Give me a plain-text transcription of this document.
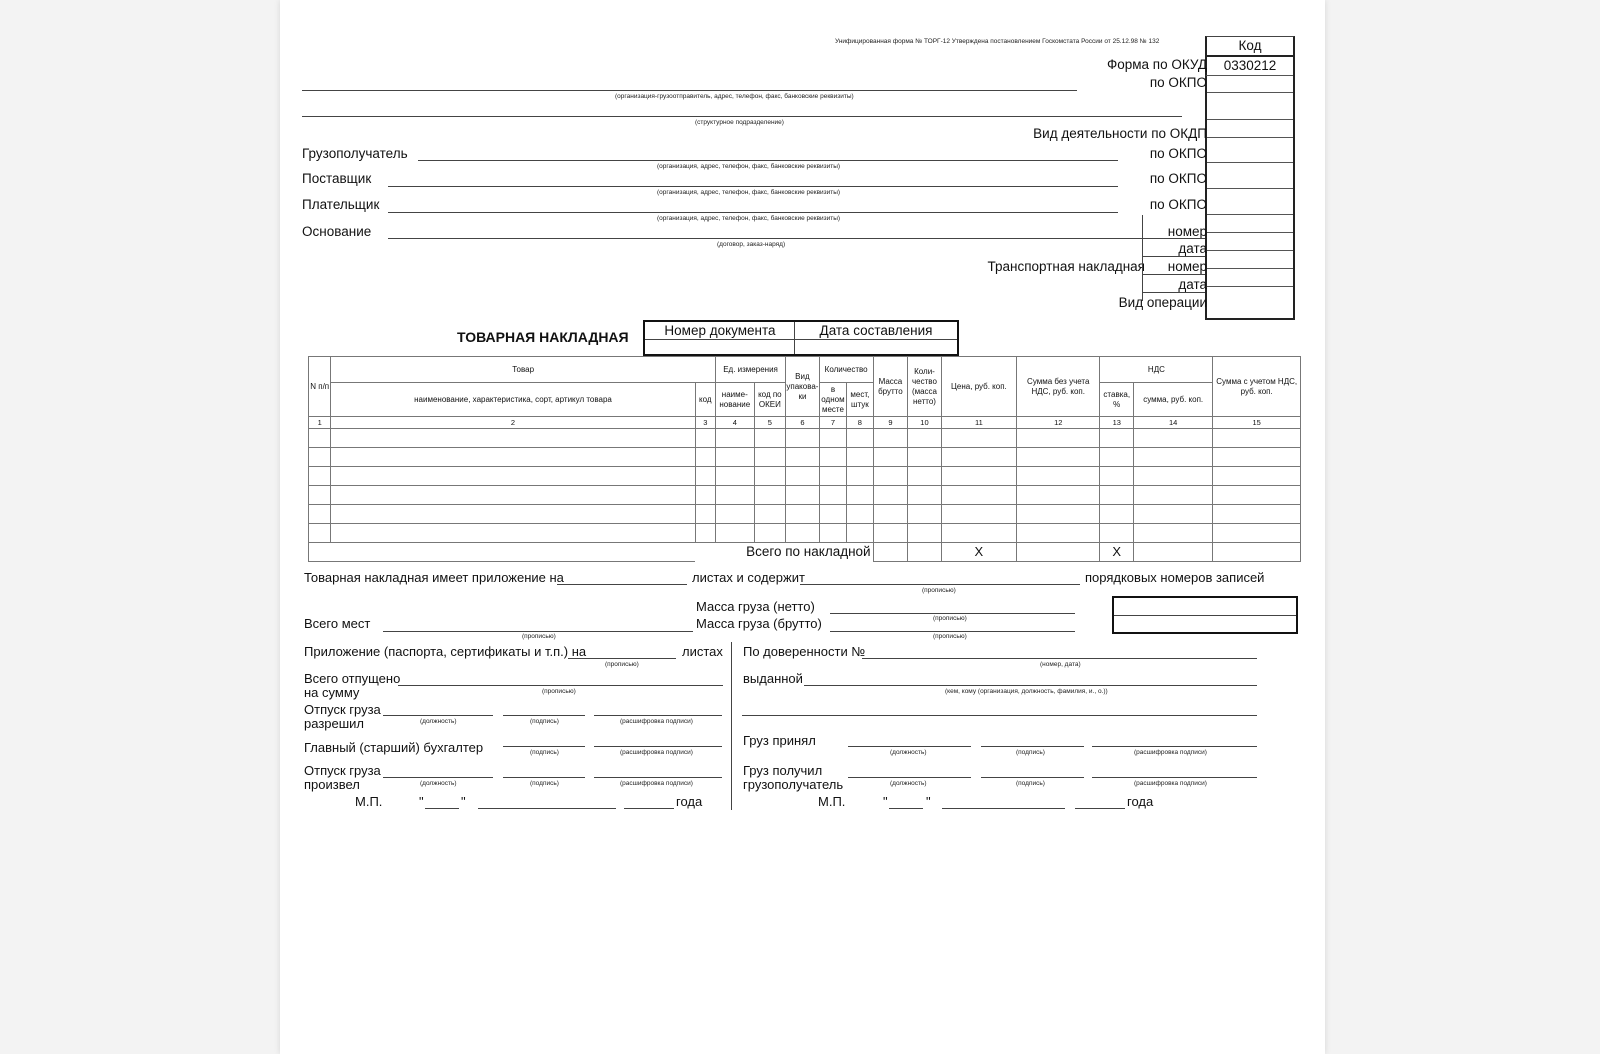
Унифицированная форма № ТОРГ-12 Утверждена постановлением Госкомстата России от 25.12.98 № 132	Код
0330212
Форма по ОКУД
по ОКПО
Вид деятельности по ОКДП
по ОКПО
по ОКПО
по ОКПО
номер
дата
Транспортная накладная номер
дата
Вид операции
(организация-грузоотправитель, адрес, телефон, факс, банковские реквизиты)
(структурное подразделение)
Грузополучатель
(организация, адрес, телефон, факс, банковские реквизиты)
Поставщик
(организация, адрес, телефон, факс, банковские реквизиты)
Плательщик
(организация, адрес, телефон, факс, банковские реквизиты)
Основание
(договор, заказ-наряд)
ТОВАРНАЯ НАКЛАДНАЯ	Номер документа	Дата составления
N п/п	Товар		Ед. измерения		Вид упакова-ки	Количество		Масса брутто	Коли-чество (масса нетто)	Цена, руб. коп.	Сумма без учета НДС, руб. коп.	НДС		Сумма с учетом НДС, руб. коп.
	наименование, характеристика, сорт, артикул товара	код	наиме-нование	код по ОКЕИ		в одном месте	мест, штук					ставка, %	сумма, руб. коп.	
1	2	3	4	5	6	7	8	9	10	11	12	13	14	15

		Всего по накладной								X		X		
Товарная накладная имеет приложение на	листах и содержит
(прописью)
порядковых номеров записей
Масса груза (нетто)
(прописью)
Масса груза (брутто)
(прописью)
Всего мест
(прописью)
Приложение (паспорта, сертификаты и т.п.) на
(прописью)
листах
Всего отпущено
на сумму	(прописью)
Отпуск груза
разрешил	(должность)	(подпись)	(расшифровка подписи)
Главный (старший) бухгалтер	(подпись)	(расшифровка подписи)
Отпуск груза
произвел	(должность)	(подпись)	(расшифровка подписи)
М.П.	"	"	года
По доверенности №
(номер, дата)
выданной
(кем, кому (организация, должность, фамилия, и., о.))
Груз принял
(должность)	(подпись)	(расшифровка подписи)
Груз получил
грузополучатель	(должность)	(подпись)	(расшифровка подписи)
М.П.	"	"	года
